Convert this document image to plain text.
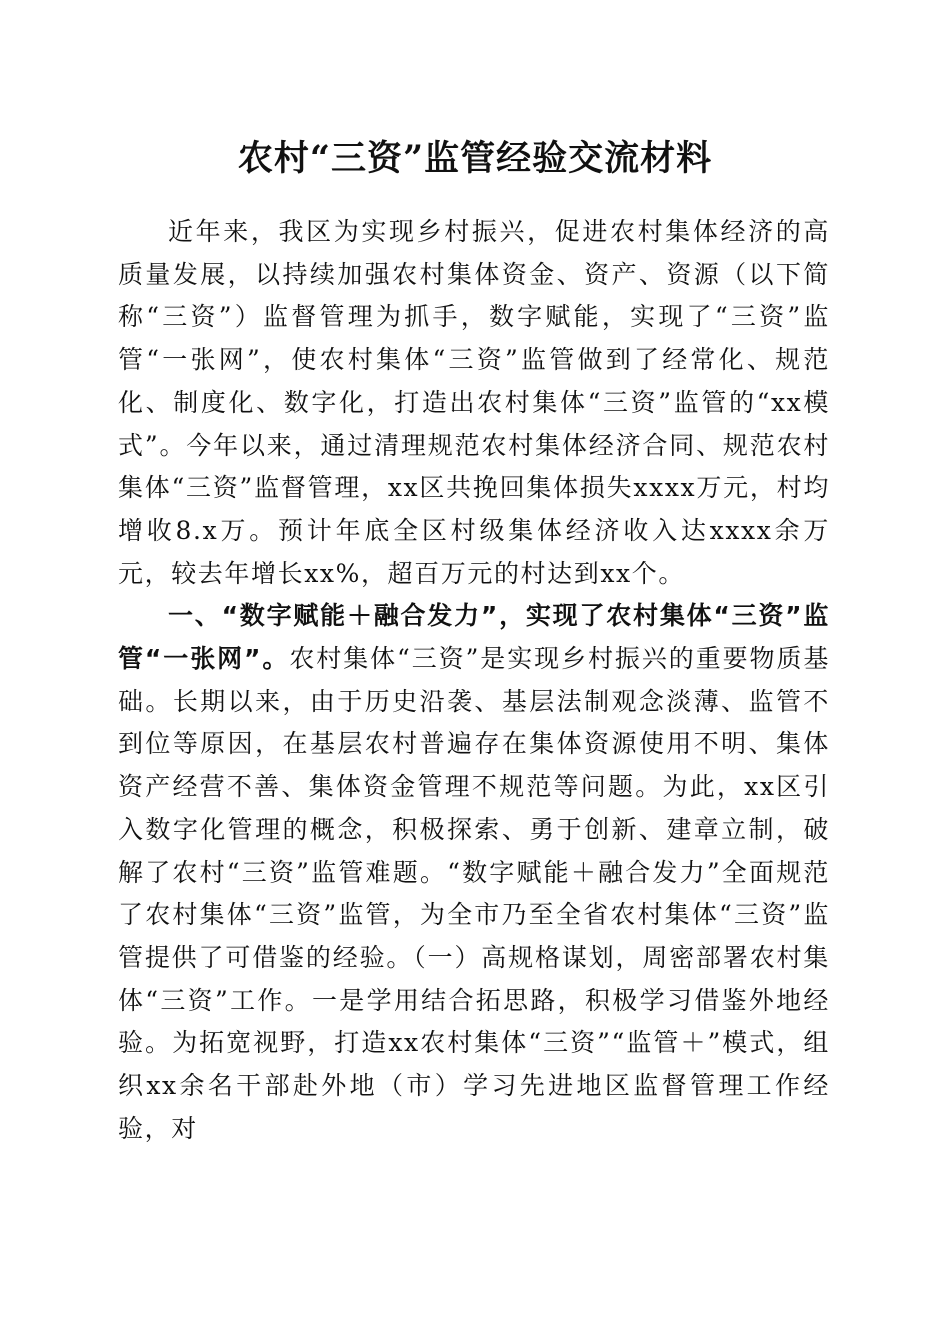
农村“三资”监管经验交流材料

近年来，我区为实现乡村振兴，促进农村集体经济的高质量发展，以持续加强农村集体资金、资产、资源（以下简称“三资”）监督管理为抓手，数字赋能，实现了“三资”监管“一张网”，使农村集体“三资”监管做到了经常化、规范化、制度化、数字化，打造出农村集体“三资”监管的“xx模式”。今年以来，通过清理规范农村集体经济合同、规范农村集体“三资”监督管理，xx区共挽回集体损失xxxx万元，村均增收8.x万。预计年底全区村级集体经济收入达xxxx余万元，较去年增长xx%，超百万元的村达到xx个。

一、“数字赋能＋融合发力”，实现了农村集体“三资”监管“一张网”。农村集体“三资”是实现乡村振兴的重要物质基础。长期以来，由于历史沿袭、基层法制观念淡薄、监管不到位等原因，在基层农村普遍存在集体资源使用不明、集体资产经营不善、集体资金管理不规范等问题。为此，xx区引入数字化管理的概念，积极探索、勇于创新、建章立制，破解了农村“三资”监管难题。“数字赋能＋融合发力”全面规范了农村集体“三资”监管，为全市乃至全省农村集体“三资”监管提供了可借鉴的经验。（一）高规格谋划，周密部署农村集体“三资”工作。一是学用结合拓思路，积极学习借鉴外地经验。为拓宽视野，打造xx农村集体“三资”“监管＋”模式，组织xx余名干部赴外地（市）学习先进地区监督管理工作经验，对
